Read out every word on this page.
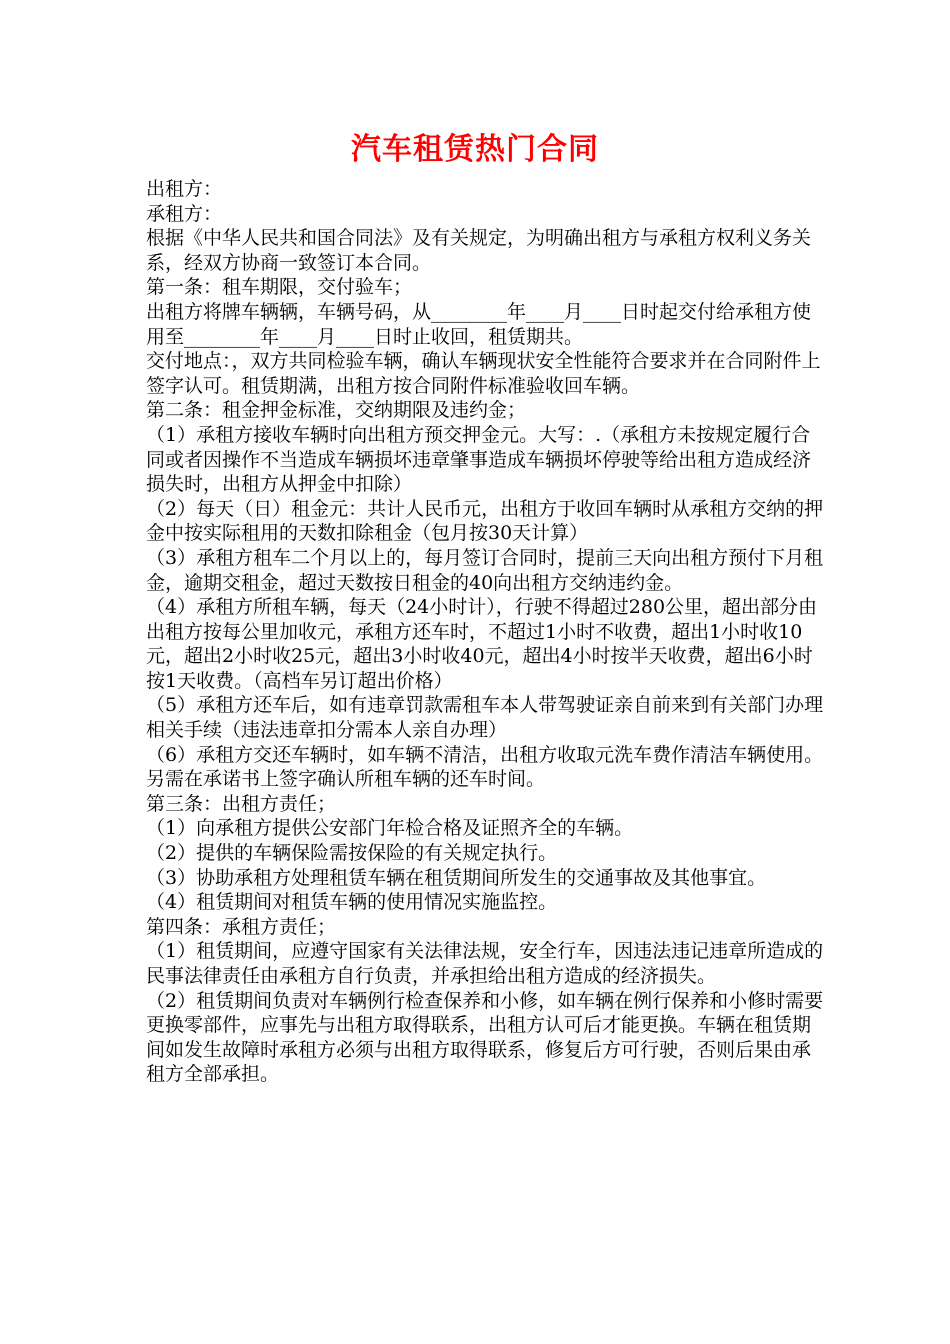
汽车租赁热门合同

出租方：

承租方：

根据《中华人民共和国合同法》及有关规定，为明确出租方与承租方权利义务关系，经双方协商一致签订本合同。

第一条：租车期限，交付验车；

出租方将牌车辆辆，车辆号码，从________年____月____日时起交付给承租方使用至________年____月____日时止收回，租赁期共。

交付地点：，双方共同检验车辆，确认车辆现状安全性能符合要求并在合同附件上签字认可。租赁期满，出租方按合同附件标准验收回车辆。

第二条：租金押金标准，交纳期限及违约金；

（1）承租方接收车辆时向出租方预交押金元。大写：.（承租方未按规定履行合同或者因操作不当造成车辆损坏违章肇事造成车辆损坏停驶等给出租方造成经济损失时，出租方从押金中扣除）

（2）每天（日）租金元：共计人民币元，出租方于收回车辆时从承租方交纳的押金中按实际租用的天数扣除租金（包月按30天计算）

（3）承租方租车二个月以上的，每月签订合同时，提前三天向出租方预付下月租金，逾期交租金，超过天数按日租金的40向出租方交纳违约金。

（4）承租方所租车辆，每天（24小时计），行驶不得超过280公里，超出部分由出租方按每公里加收元，承租方还车时，不超过1小时不收费，超出1小时收10元，超出2小时收25元，超出3小时收40元，超出4小时按半天收费，超出6小时按1天收费。（高档车另订超出价格）

（5）承租方还车后，如有违章罚款需租车本人带驾驶证亲自前来到有关部门办理相关手续（违法违章扣分需本人亲自办理）

（6）承租方交还车辆时，如车辆不清洁，出租方收取元洗车费作清洁车辆使用。另需在承诺书上签字确认所租车辆的还车时间。

第三条：出租方责任；

（1）向承租方提供公安部门年检合格及证照齐全的车辆。

（2）提供的车辆保险需按保险的有关规定执行。

（3）协助承租方处理租赁车辆在租赁期间所发生的交通事故及其他事宜。

（4）租赁期间对租赁车辆的使用情况实施监控。

第四条：承租方责任；

（1）租赁期间，应遵守国家有关法律法规，安全行车，因违法违记违章所造成的民事法律责任由承租方自行负责，并承担给出租方造成的经济损失。

（2）租赁期间负责对车辆例行检查保养和小修，如车辆在例行保养和小修时需要更换零部件，应事先与出租方取得联系，出租方认可后才能更换。车辆在租赁期间如发生故障时承租方必须与出租方取得联系，修复后方可行驶，否则后果由承租方全部承担。
